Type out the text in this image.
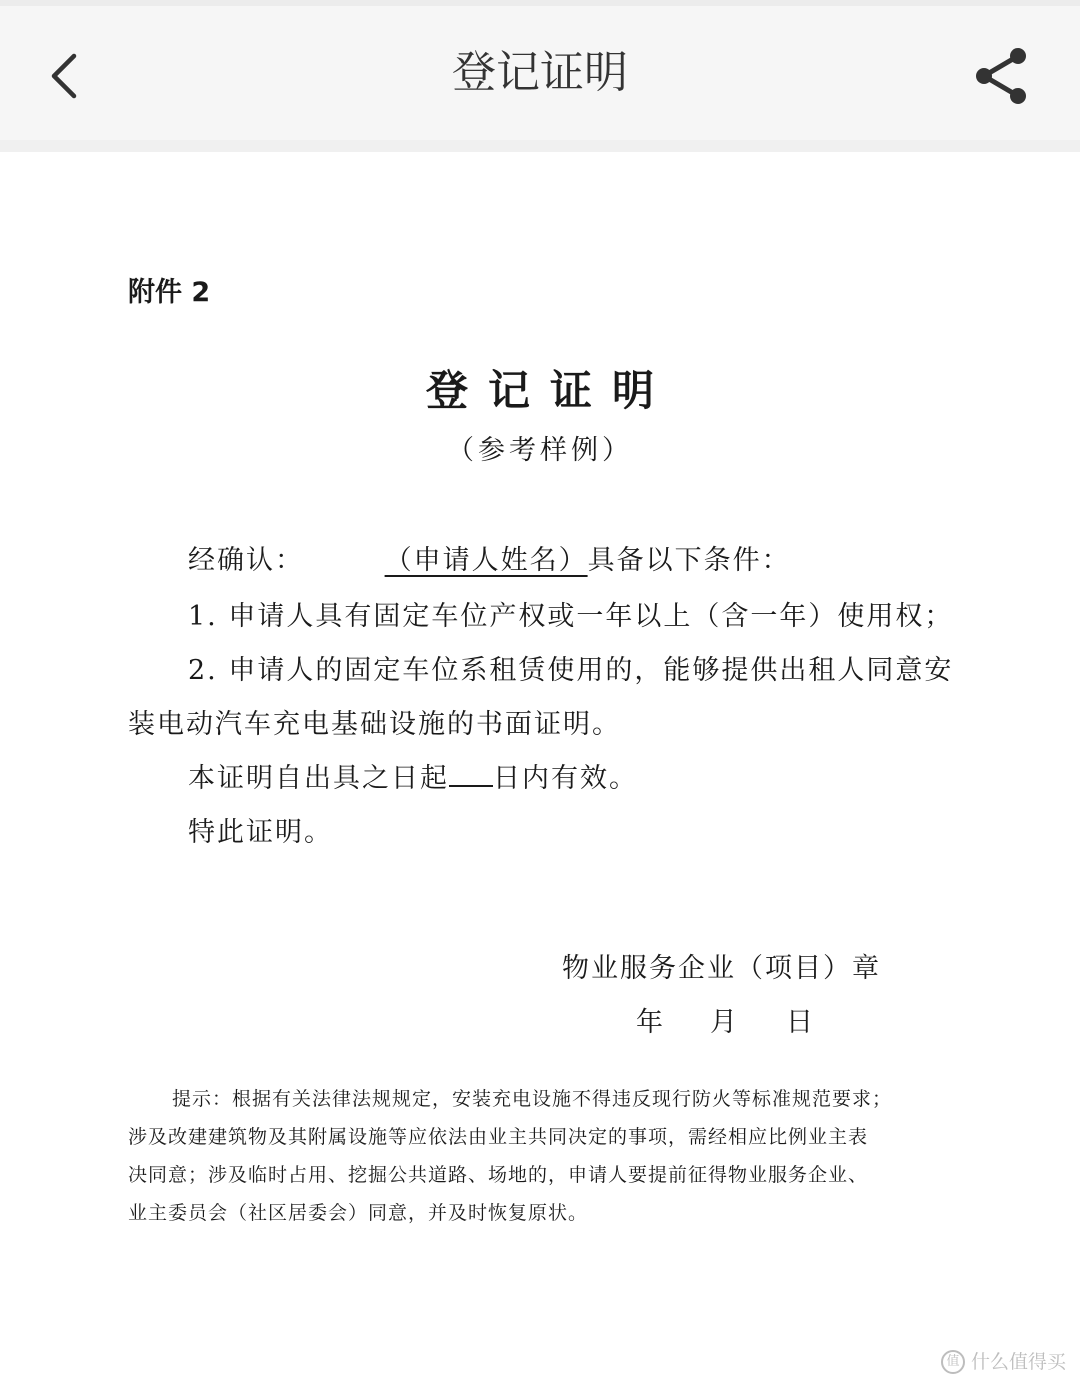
登记证明
附件 2
登记证明
（参考样例）
经确认：	（申请人姓名）具备以下条件：
1. 申请人具有固定车位产权或一年以上（含一年）使用权；
2. 申请人的固定车位系租赁使用的，能够提供出租人同意安
装电动汽车充电基础设施的书面证明。
本证明自出具之日起 日内有效。
特此证明。
物业服务企业（项目）章
年 月 日
提示：根据有关法律法规规定，安装充电设施不得违反现行防火等标准规范要求；
涉及改建建筑物及其附属设施等应依法由业主共同决定的事项，需经相应比例业主表
决同意；涉及临时占用、挖掘公共道路、场地的，申请人要提前征得物业服务企业、
业主委员会（社区居委会）同意，并及时恢复原状。
值 什么值得买
